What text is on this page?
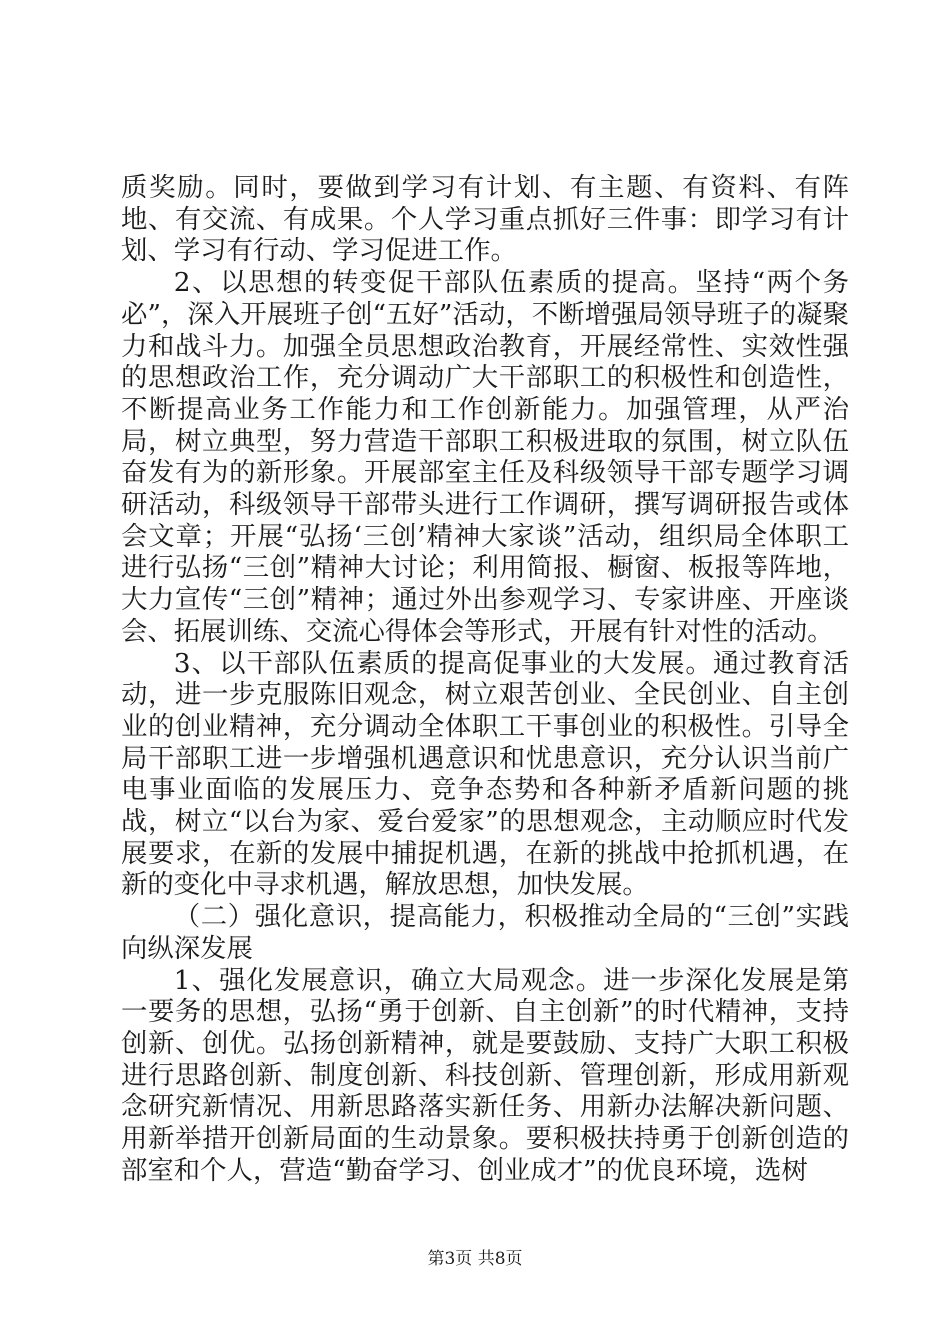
质奖励。同时，要做到学习有计划、有主题、有资料、有阵地、有交流、有成果。个人学习重点抓好三件事：即学习有计划、学习有行动、学习促进工作。

2、以思想的转变促干部队伍素质的提高。坚持“两个务必”，深入开展班子创“五好”活动，不断增强局领导班子的凝聚力和战斗力。加强全员思想政治教育，开展经常性、实效性强的思想政治工作，充分调动广大干部职工的积极性和创造性，不断提高业务工作能力和工作创新能力。加强管理，从严治局，树立典型，努力营造干部职工积极进取的氛围，树立队伍奋发有为的新形象。开展部室主任及科级领导干部专题学习调研活动，科级领导干部带头进行工作调研，撰写调研报告或体会文章；开展“弘扬‘三创’精神大家谈”活动，组织局全体职工进行弘扬“三创”精神大讨论；利用简报、橱窗、板报等阵地，大力宣传“三创”精神；通过外出参观学习、专家讲座、开座谈会、拓展训练、交流心得体会等形式，开展有针对性的活动。

3、以干部队伍素质的提高促事业的大发展。通过教育活动，进一步克服陈旧观念，树立艰苦创业、全民创业、自主创业的创业精神，充分调动全体职工干事创业的积极性。引导全局干部职工进一步增强机遇意识和忧患意识，充分认识当前广电事业面临的发展压力、竞争态势和各种新矛盾新问题的挑战，树立“以台为家、爱台爱家”的思想观念，主动顺应时代发展要求，在新的发展中捕捉机遇，在新的挑战中抢抓机遇，在新的变化中寻求机遇，解放思想，加快发展。

（二）强化意识，提高能力，积极推动全局的“三创”实践向纵深发展

1、强化发展意识，确立大局观念。进一步深化发展是第一要务的思想，弘扬“勇于创新、自主创新”的时代精神，支持创新、创优。弘扬创新精神，就是要鼓励、支持广大职工积极进行思路创新、制度创新、科技创新、管理创新，形成用新观念研究新情况、用新思路落实新任务、用新办法解决新问题、用新举措开创新局面的生动景象。要积极扶持勇于创新创造的部室和个人，营造“勤奋学习、创业成才”的优良环境，选树

第3页 共8页
